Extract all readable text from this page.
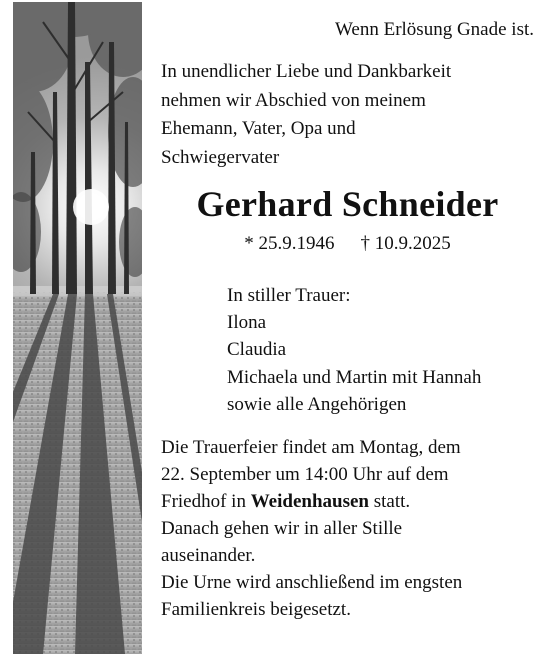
Wenn Erlösung Gnade ist.

In unendlicher Liebe und Dankbarkeit
nehmen wir Abschied von meinem
Ehemann, Vater, Opa und
Schwiegervater

Gerhard Schneider

* 25.9.1946 † 10.9.2025

In stiller Trauer:
Ilona
Claudia
Michaela und Martin mit Hannah
sowie alle Angehörigen

Die Trauerfeier findet am Montag, dem
22. September um 14:00 Uhr auf dem
Friedhof in Weidenhausen statt.
Danach gehen wir in aller Stille
auseinander.
Die Urne wird anschließend im engsten
Familienkreis beigesetzt.
